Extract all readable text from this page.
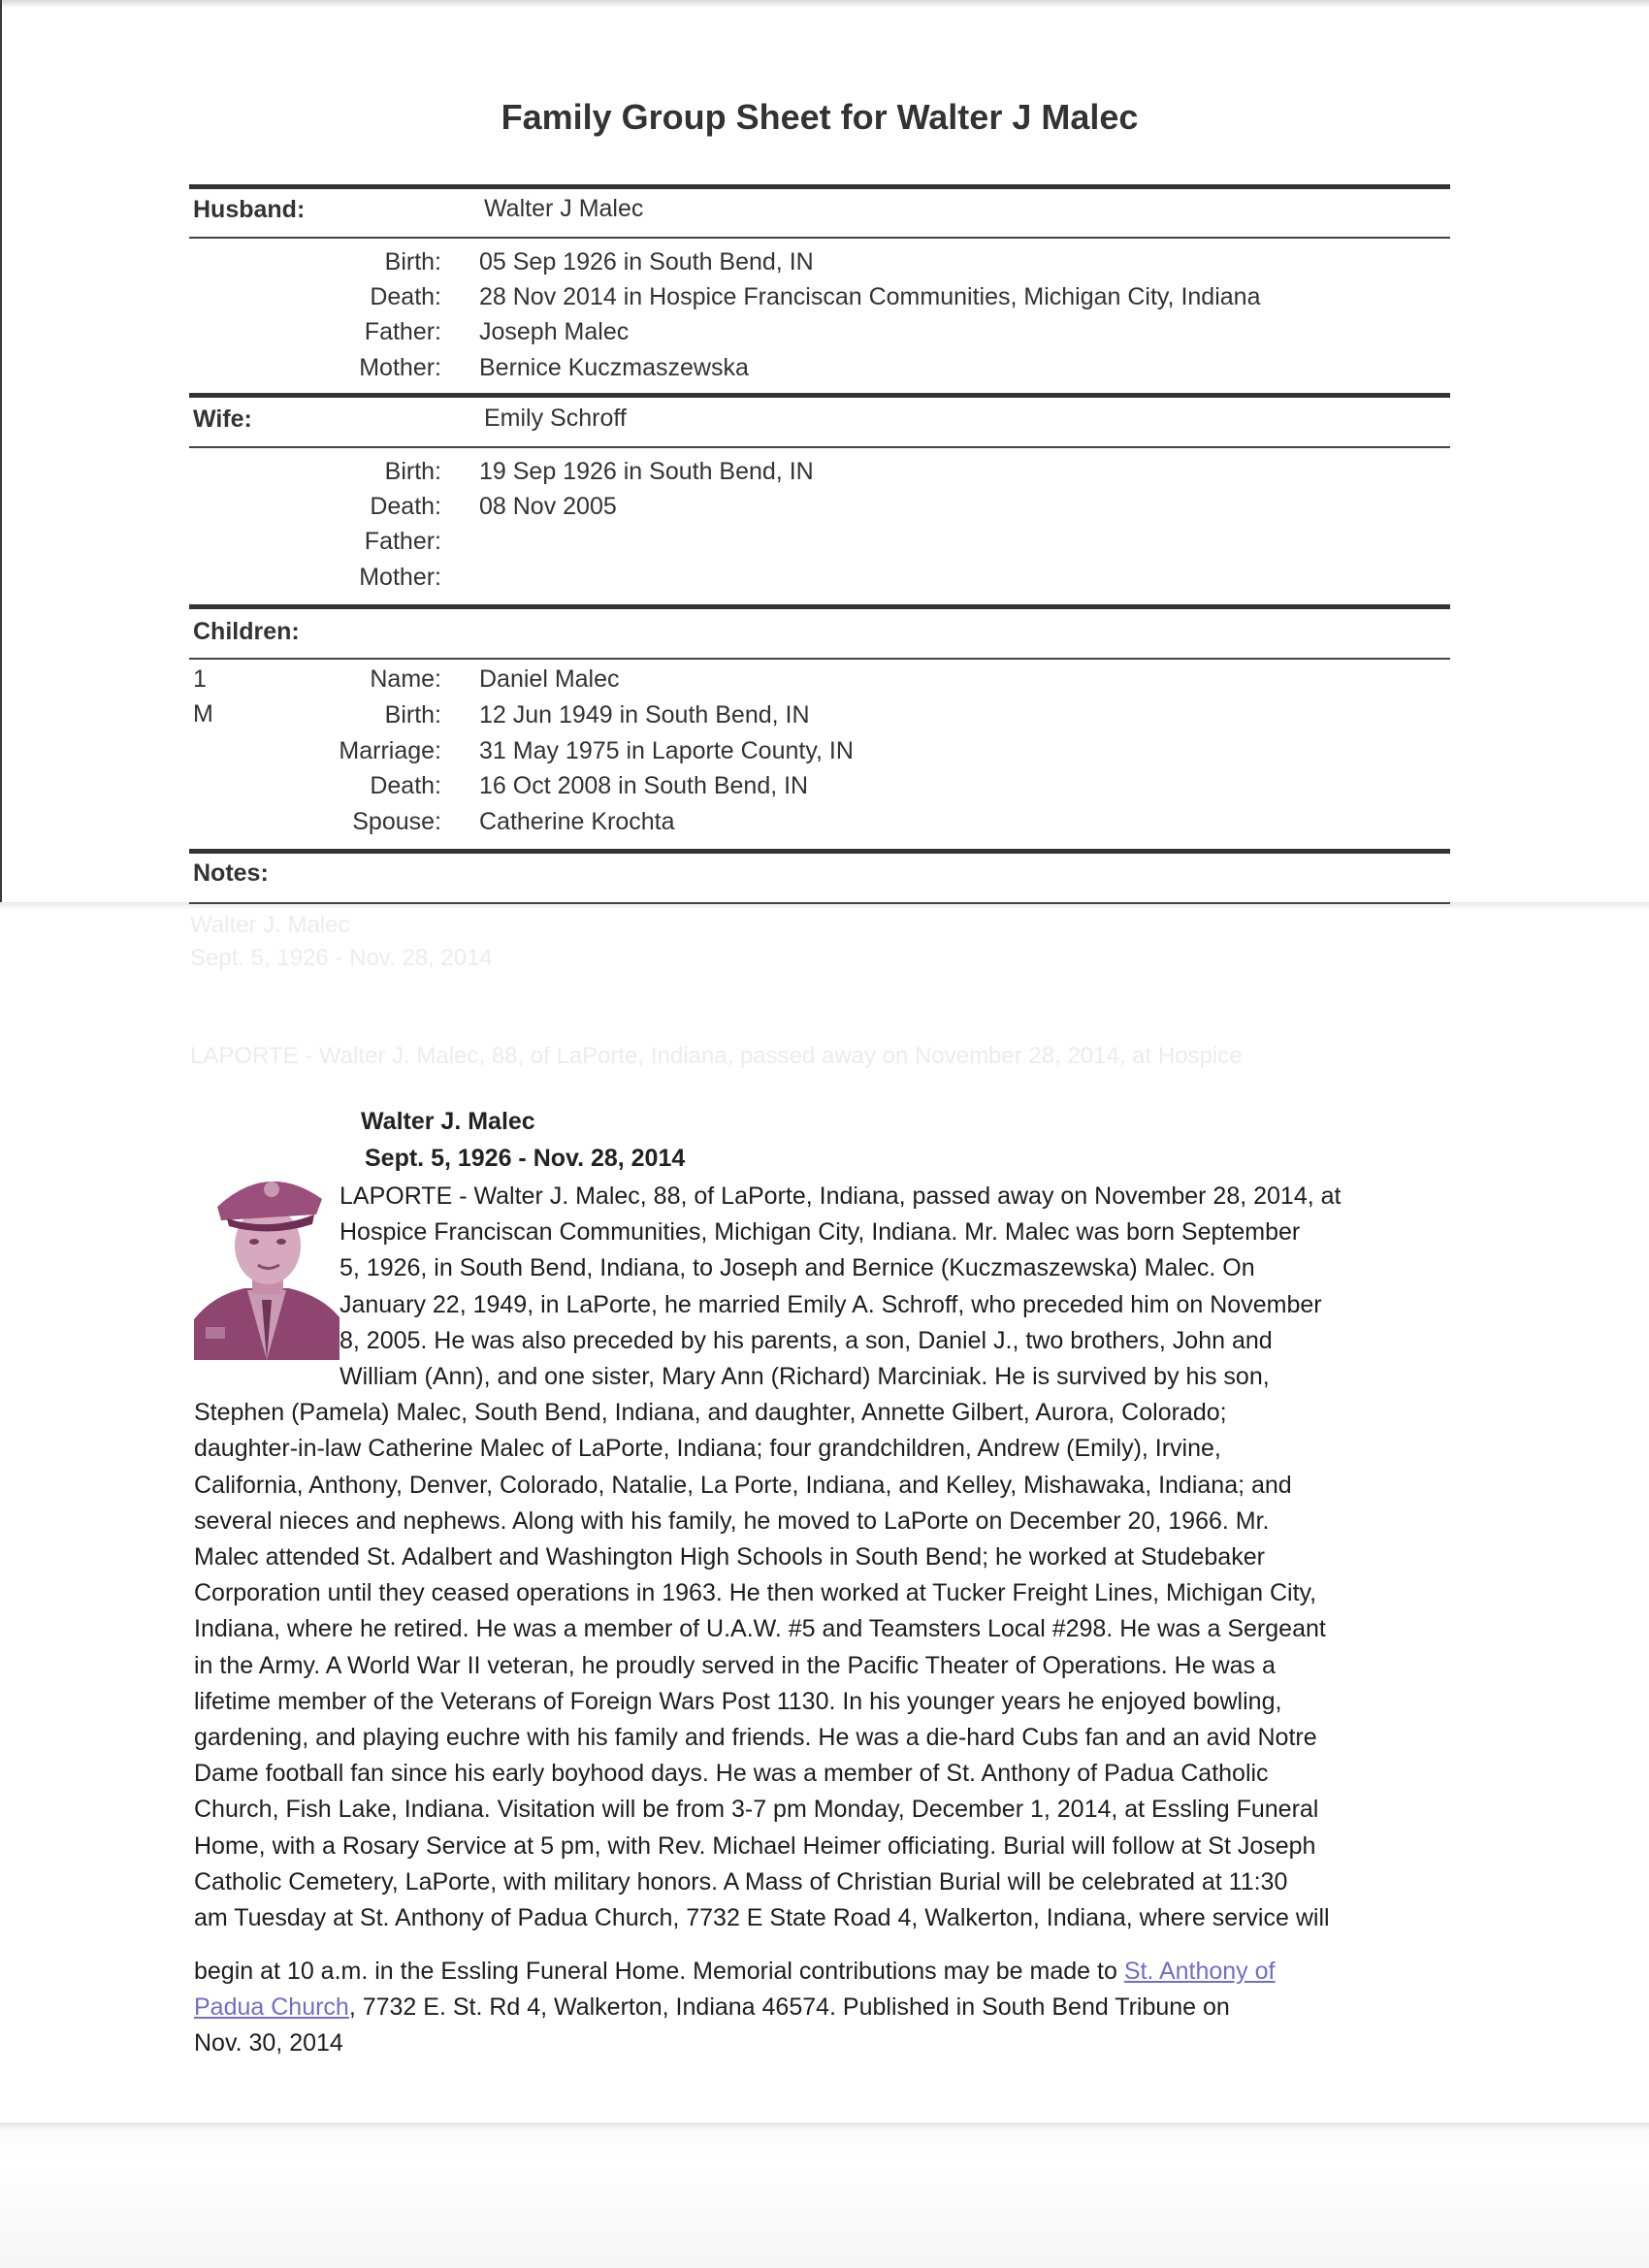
Family Group Sheet for Walter J Malec
Husband:	Walter J Malec
Birth: 05 Sep 1926 in South Bend, IN
Death: 28 Nov 2014 in Hospice Franciscan Communities, Michigan City, Indiana
Father: Joseph Malec
Mother: Bernice Kuczmaszewska
Wife:	Emily Schroff
Birth: 19 Sep 1926 in South Bend, IN
Death: 08 Nov 2005
Father:
Mother:
Children:
1
M
Name: Daniel Malec
Birth: 12 Jun 1949 in South Bend, IN
Marriage: 31 May 1975 in Laporte County, IN
Death: 16 Oct 2008 in South Bend, IN
Spouse: Catherine Krochta
Notes:
Walter J. Malec
Sept. 5, 1926 - Nov. 28, 2014
LAPORTE - Walter J. Malec, 88, of LaPorte, Indiana, passed away on November 28, 2014, at Hospice
Walter J. Malec
Sept. 5, 1926 - Nov. 28, 2014
LAPORTE - Walter J. Malec, 88, of LaPorte, Indiana, passed away on November 28, 2014, at
Hospice Franciscan Communities, Michigan City, Indiana. Mr. Malec was born September
5, 1926, in South Bend, Indiana, to Joseph and Bernice (Kuczmaszewska) Malec. On
January 22, 1949, in LaPorte, he married Emily A. Schroff, who preceded him on November
8, 2005. He was also preceded by his parents, a son, Daniel J., two brothers, John and
William (Ann), and one sister, Mary Ann (Richard) Marciniak. He is survived by his son,
Stephen (Pamela) Malec, South Bend, Indiana, and daughter, Annette Gilbert, Aurora, Colorado;
daughter-in-law Catherine Malec of LaPorte, Indiana; four grandchildren, Andrew (Emily), Irvine,
California, Anthony, Denver, Colorado, Natalie, La Porte, Indiana, and Kelley, Mishawaka, Indiana; and
several nieces and nephews. Along with his family, he moved to LaPorte on December 20, 1966. Mr.
Malec attended St. Adalbert and Washington High Schools in South Bend; he worked at Studebaker
Corporation until they ceased operations in 1963. He then worked at Tucker Freight Lines, Michigan City,
Indiana, where he retired. He was a member of U.A.W. #5 and Teamsters Local #298. He was a Sergeant
in the Army. A World War II veteran, he proudly served in the Pacific Theater of Operations. He was a
lifetime member of the Veterans of Foreign Wars Post 1130. In his younger years he enjoyed bowling,
gardening, and playing euchre with his family and friends. He was a die-hard Cubs fan and an avid Notre
Dame football fan since his early boyhood days. He was a member of St. Anthony of Padua Catholic
Church, Fish Lake, Indiana. Visitation will be from 3-7 pm Monday, December 1, 2014, at Essling Funeral
Home, with a Rosary Service at 5 pm, with Rev. Michael Heimer officiating. Burial will follow at St Joseph
Catholic Cemetery, LaPorte, with military honors. A Mass of Christian Burial will be celebrated at 11:30
am Tuesday at St. Anthony of Padua Church, 7732 E State Road 4, Walkerton, Indiana, where service will
begin at 10 a.m. in the Essling Funeral Home. Memorial contributions may be made to St. Anthony of
Padua Church, 7732 E. St. Rd 4, Walkerton, Indiana 46574. Published in South Bend Tribune on
Nov. 30, 2014
